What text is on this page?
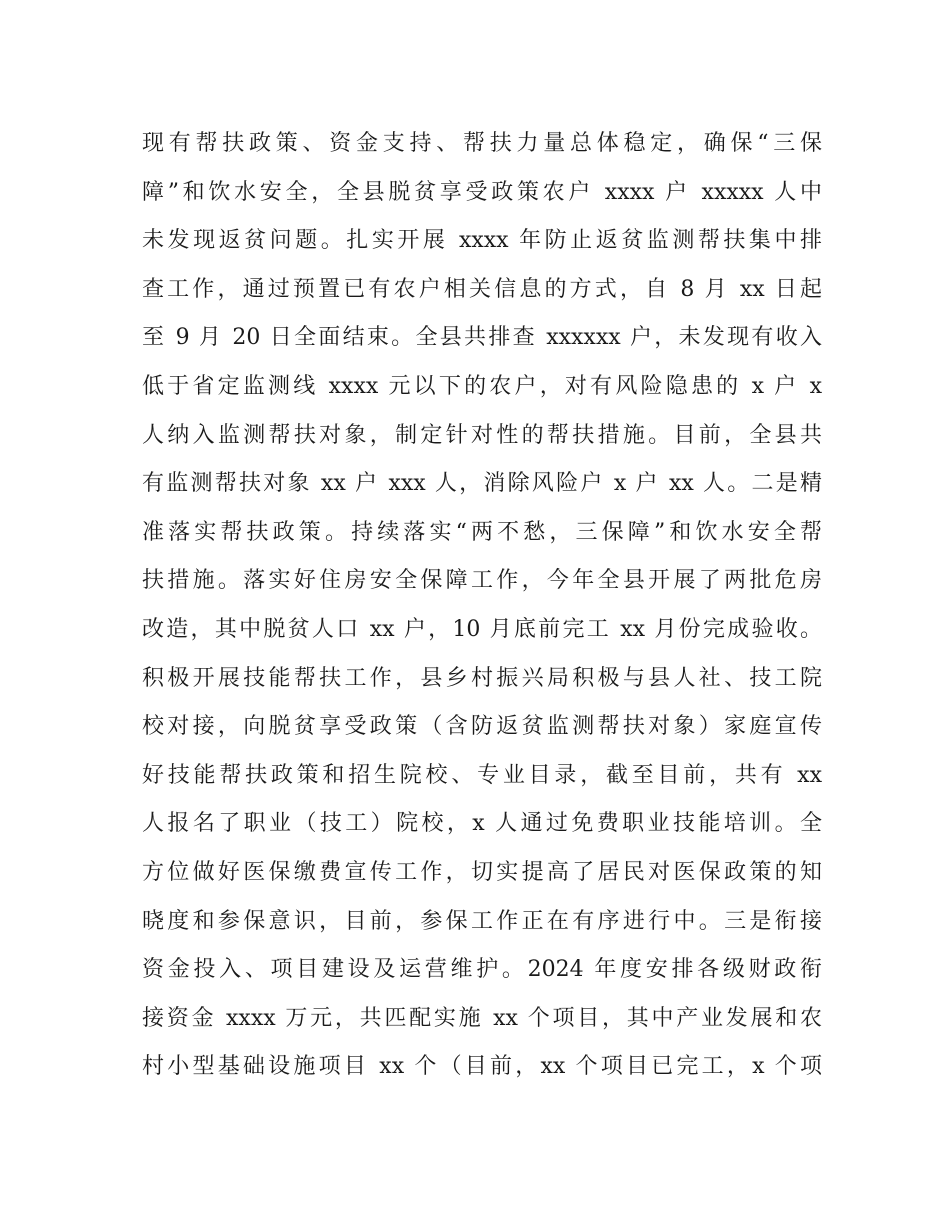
现有帮扶政策、资金支持、帮扶力量总体稳定，确保“三保
障”和饮水安全，全县脱贫享受政策农户 xxxx 户 xxxxx 人中
未发现返贫问题。扎实开展 xxxx 年防止返贫监测帮扶集中排
查工作，通过预置已有农户相关信息的方式，自 8 月 xx 日起
至 9 月 20 日全面结束。全县共排查 xxxxxx 户，未发现有收入
低于省定监测线 xxxx 元以下的农户，对有风险隐患的 x 户 x
人纳入监测帮扶对象，制定针对性的帮扶措施。目前，全县共
有监测帮扶对象 xx 户 xxx 人，消除风险户 x 户 xx 人。二是精
准落实帮扶政策。持续落实“两不愁，三保障”和饮水安全帮
扶措施。落实好住房安全保障工作，今年全县开展了两批危房
改造，其中脱贫人口 xx 户，10 月底前完工 xx 月份完成验收。
积极开展技能帮扶工作，县乡村振兴局积极与县人社、技工院
校对接，向脱贫享受政策（含防返贫监测帮扶对象）家庭宣传
好技能帮扶政策和招生院校、专业目录，截至目前，共有 xx
人报名了职业（技工）院校，x 人通过免费职业技能培训。全
方位做好医保缴费宣传工作，切实提高了居民对医保政策的知
晓度和参保意识，目前，参保工作正在有序进行中。三是衔接
资金投入、项目建设及运营维护。2024 年度安排各级财政衔
接资金 xxxx 万元，共匹配实施 xx 个项目，其中产业发展和农
村小型基础设施项目 xx 个（目前，xx 个项目已完工，x 个项
